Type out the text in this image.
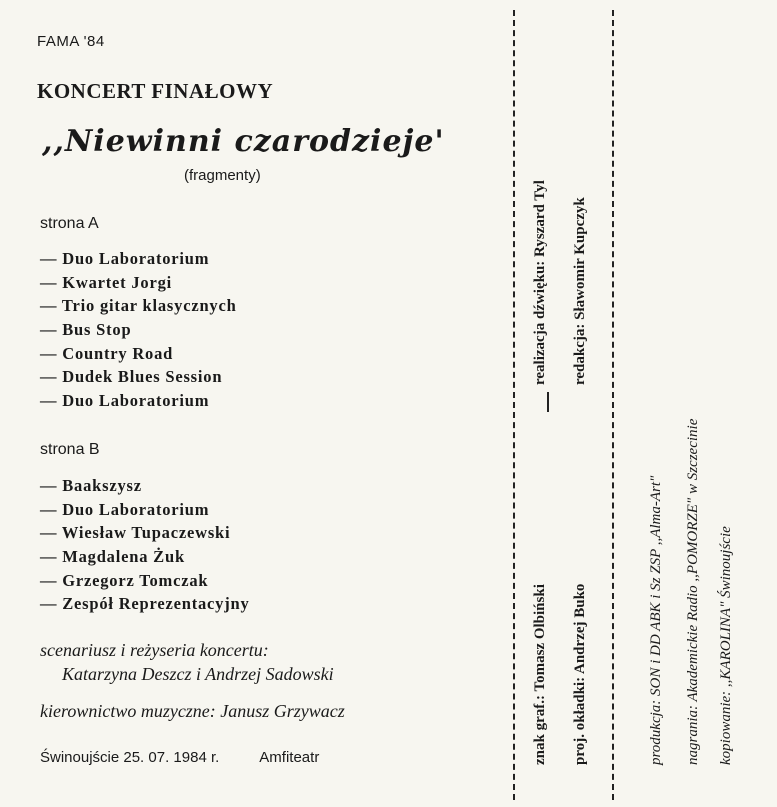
FAMA '84
KONCERT FINAŁOWY
,,Niewinni czarodzieje'
(fragmenty)
strona A
— Duo Laboratorium
— Kwartet Jorgi
— Trio gitar klasycznych
— Bus Stop
— Country Road
— Dudek Blues Session
— Duo Laboratorium
strona B
— Baakszysz
— Duo Laboratorium
— Wiesław Tupaczewski
— Magdalena Żuk
— Grzegorz Tomczak
— Zespół Reprezentacyjny
scenariusz i reżyseria koncertu:
Katarzyna Deszcz i Andrzej Sadowski
kierownictwo muzyczne: Janusz Grzywacz
Świnoujście 25. 07. 1984 r.	Amfiteatr
realizacja dźwięku: Ryszard Tyl redakcja: Sławomir Kupczyk
znak graf.: Tomasz Olbiński proj. okładki: Andrzej Buko	produkcja: SON i DD ABK i Sz ZSP ,,Alma-Art" nagrania: Akademickie Radio ,,POMORZE" w Szczecinie kopiowanie: ,,KAROLINA" Świnoujście
